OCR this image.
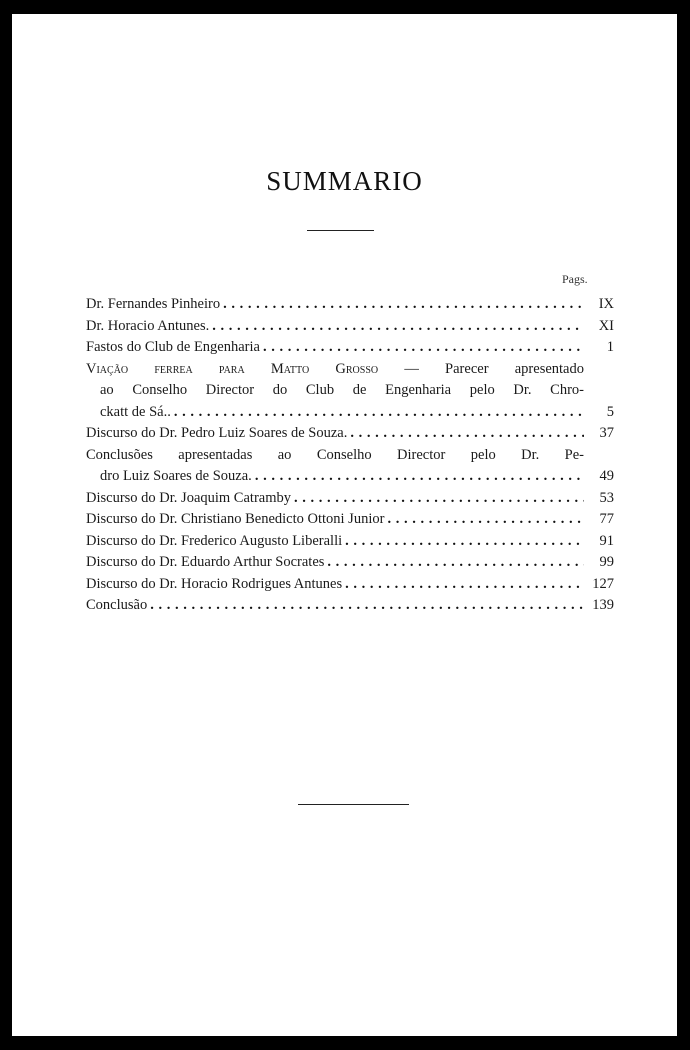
SUMMARIO
Pags.
Dr. Fernandes Pinheiro . . .	IX
Dr. Horacio Antunes. . . .	XI
Fastos do Club de Engenharia . . .	1
Viação ferrea para Matto Grosso — Parecer apresentado
ao Conselho Director do Club de Engenharia pelo Dr. Chro-
ckatt de Sá.. . . .	5
Discurso do Dr. Pedro Luiz Soares de Souza. . . .	37
Conclusões apresentadas ao Conselho Director pelo Dr. Pe-
dro Luiz Soares de Souza. . . .	49
Discurso do Dr. Joaquim Catramby . . .	53
Discurso do Dr. Christiano Benedicto Ottoni Junior . . .	77
Discurso do Dr. Frederico Augusto Liberalli . . .	91
Discurso do Dr. Eduardo Arthur Socrates . . .	99
Discurso do Dr. Horacio Rodrigues Antunes . . .	127
Conclusão . . .	139
